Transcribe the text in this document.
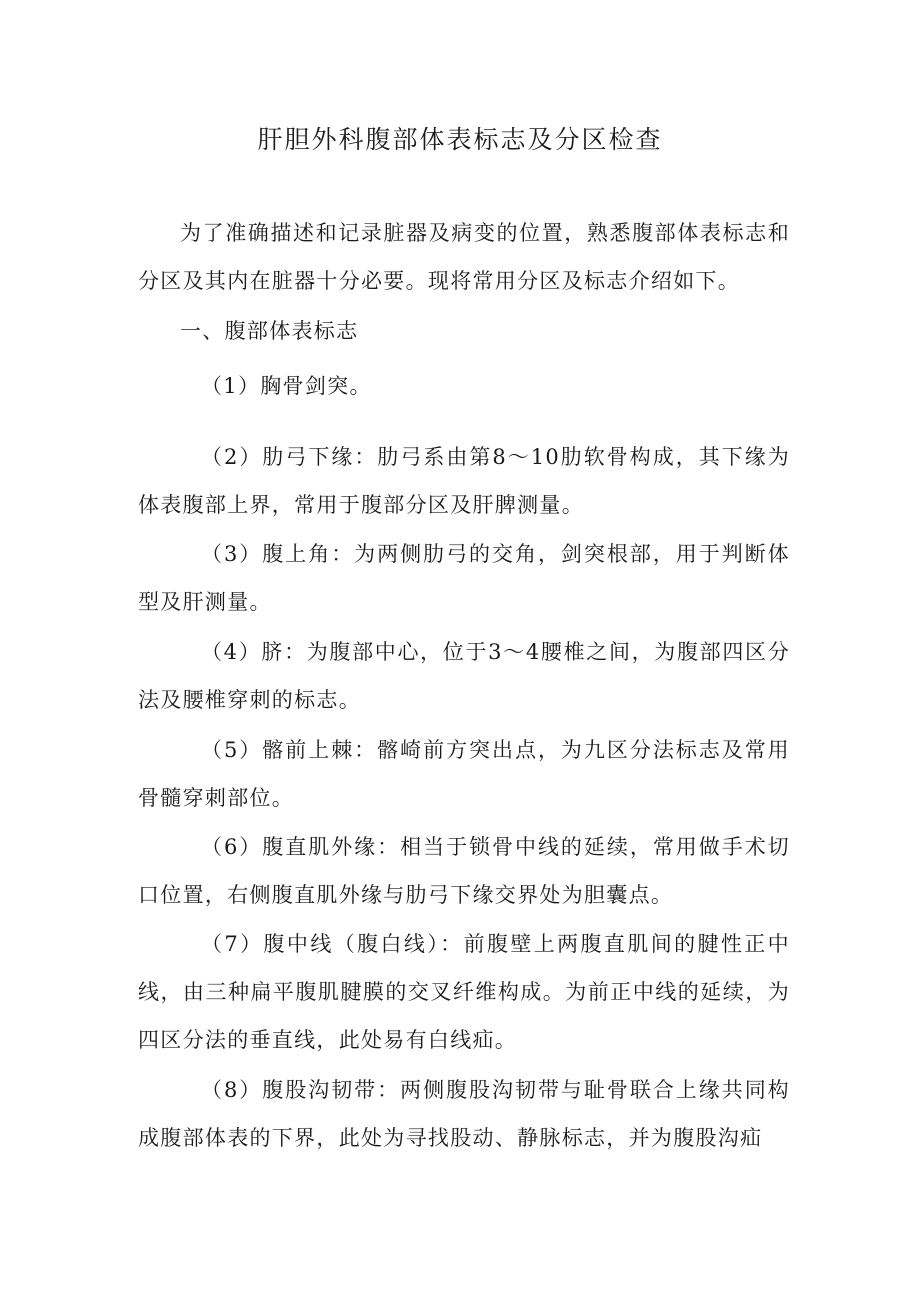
肝胆外科腹部体表标志及分区检查

为了准确描述和记录脏器及病变的位置，熟悉腹部体表标志和分区及其内在脏器十分必要。现将常用分区及标志介绍如下。

一、腹部体表标志

（1）胸骨剑突。

（2）肋弓下缘：肋弓系由第8～10肋软骨构成，其下缘为体表腹部上界，常用于腹部分区及肝脾测量。

（3）腹上角：为两侧肋弓的交角，剑突根部，用于判断体型及肝测量。

（4）脐：为腹部中心，位于3～4腰椎之间，为腹部四区分法及腰椎穿刺的标志。

（5）髂前上棘：髂崎前方突出点，为九区分法标志及常用骨髓穿刺部位。

（6）腹直肌外缘：相当于锁骨中线的延续，常用做手术切口位置，右侧腹直肌外缘与肋弓下缘交界处为胆囊点。

（7）腹中线（腹白线）：前腹壁上两腹直肌间的腱性正中线，由三种扁平腹肌腱膜的交叉纤维构成。为前正中线的延续，为四区分法的垂直线，此处易有白线疝。

（8）腹股沟韧带：两侧腹股沟韧带与耻骨联合上缘共同构成腹部体表的下界，此处为寻找股动、静脉标志，并为腹股沟疝
